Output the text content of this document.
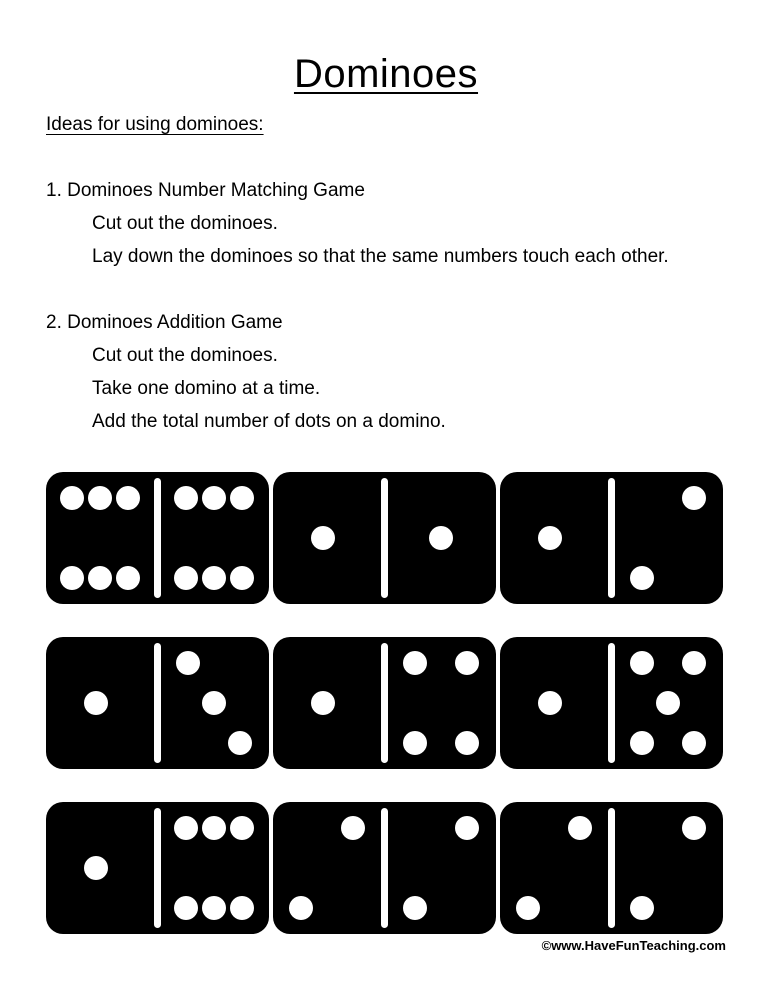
Dominoes

Ideas for using dominoes:

1. Dominoes Number Matching Game

Cut out the dominoes.

Lay down the dominoes so that the same numbers touch each other.

2. Dominoes Addition Game

Cut out the dominoes.

Take one domino at a time.

Add the total number of dots on a domino.

©www.HaveFunTeaching.com
